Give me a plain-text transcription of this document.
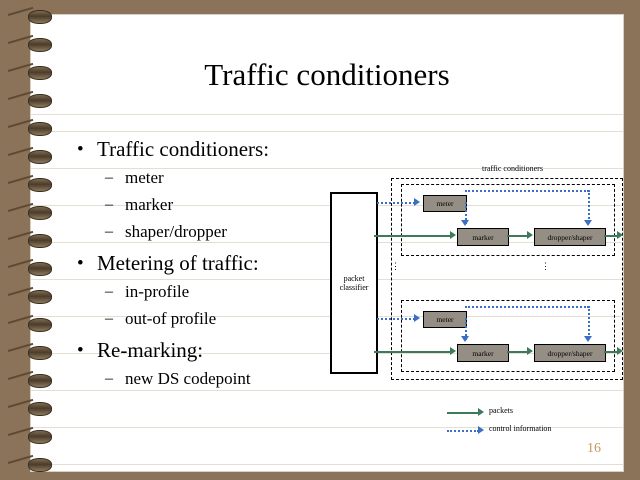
Traffic conditioners
• Traffic conditioners:
– meter
– marker
– shaper/dropper
• Metering of traffic:
– in-profile
– out-of profile
• Re-marking:
– new DS codepoint
traffic conditioners
packet
classifier
meter
marker	dropper/shaper
meter
marker	dropper/shaper
⋮	⋮
packets
control information
16
